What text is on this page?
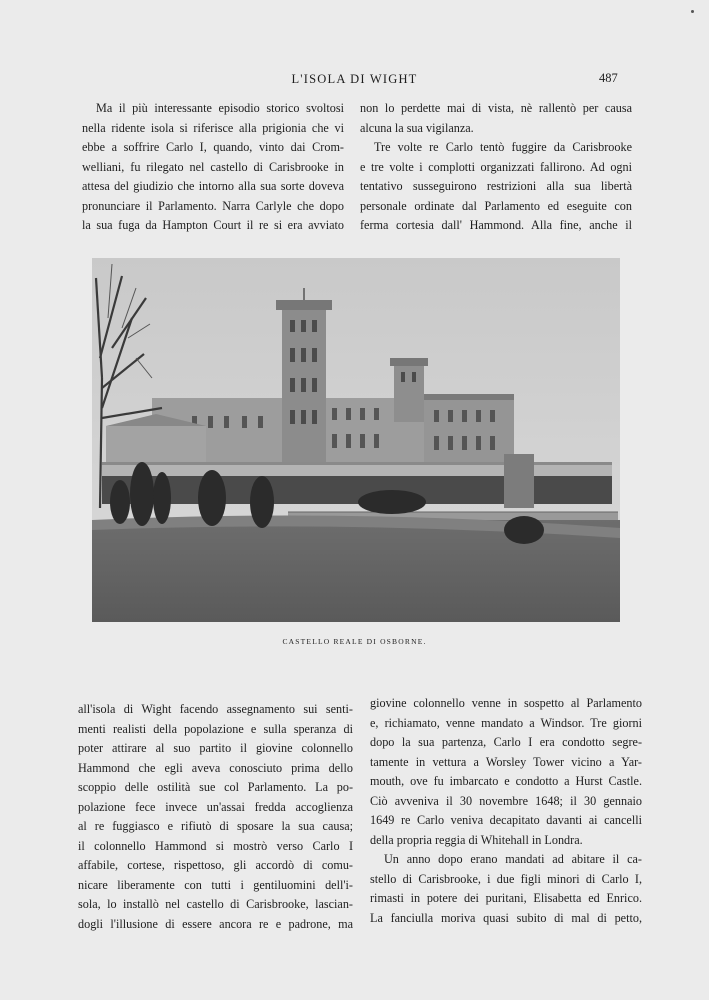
L'ISOLA DI WIGHT	487
Ma il più interessante episodio storico svoltosi
nella ridente isola si riferisce alla prigionia che vi
ebbe a soffrire Carlo I, quando, vinto dai Crom-
welliani, fu rilegato nel castello di Carisbrooke in
attesa del giudizio che intorno alla sua sorte doveva
pronunciare il Parlamento. Narra Carlyle che dopo
la sua fuga da Hampton Court il re si era avviato
non lo perdette mai di vista, nè rallentò per causa
alcuna la sua vigilanza.
Tre volte re Carlo tentò fuggire da Carisbrooke
e tre volte i complotti organizzati fallirono. Ad ogni
tentativo susseguirono restrizioni alla sua libertà
personale ordinate dal Parlamento ed eseguite con
ferma cortesia dall' Hammond. Alla fine, anche il
CASTELLO REALE DI OSBORNE.
all'isola di Wight facendo assegnamento sui senti-
menti realisti della popolazione e sulla speranza di
poter attirare al suo partito il giovine colonnello
Hammond che egli aveva conosciuto prima dello
scoppio delle ostilità sue col Parlamento. La po-
polazione fece invece un'assai fredda accoglienza
al re fuggiasco e rifiutò di sposare la sua causa;
il colonnello Hammond si mostrò verso Carlo I
affabile, cortese, rispettoso, gli accordò di comu-
nicare liberamente con tutti i gentiluomini dell'i-
sola, lo installò nel castello di Carisbrooke, lascian-
dogli l'illusione di essere ancora re e padrone, ma
giovine colonnello venne in sospetto al Parlamento
e, richiamato, venne mandato a Windsor. Tre giorni
dopo la sua partenza, Carlo I era condotto segre-
tamente in vettura a Worsley Tower vicino a Yar-
mouth, ove fu imbarcato e condotto a Hurst Castle.
Ciò avveniva il 30 novembre 1648; il 30 gennaio
1649 re Carlo veniva decapitato davanti ai cancelli
della propria reggia di Whitehall in Londra.
Un anno dopo erano mandati ad abitare il ca-
stello di Carisbrooke, i due figli minori di Carlo I,
rimasti in potere dei puritani, Elisabetta ed Enrico.
La fanciulla moriva quasi subito di mal di petto,
